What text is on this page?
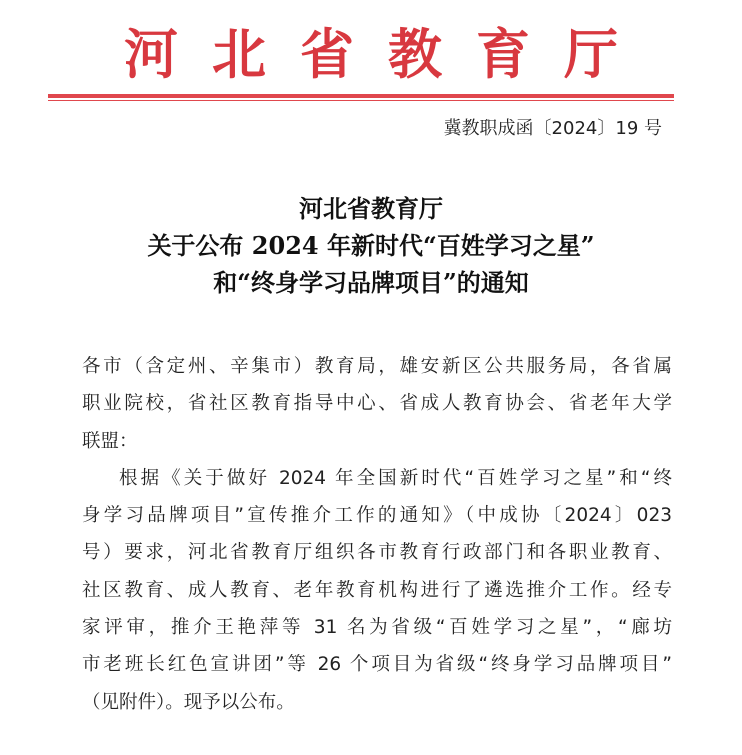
河北省教育厅
冀教职成函〔2024〕19 号
河北省教育厅
关于公布 2024 年新时代“百姓学习之星”
和“终身学习品牌项目”的通知
各市（含定州、辛集市）教育局，雄安新区公共服务局，各省属
职业院校，省社区教育指导中心、省成人教育协会、省老年大学
联盟：
根据《关于做好 2024 年全国新时代“百姓学习之星”和“终
身学习品牌项目”宣传推介工作的通知》（中成协〔2024〕023
号）要求，河北省教育厅组织各市教育行政部门和各职业教育、
社区教育、成人教育、老年教育机构进行了遴选推介工作。经专
家评审，推介王艳萍等 31 名为省级“百姓学习之星”，“廊坊
市老班长红色宣讲团”等 26 个项目为省级“终身学习品牌项目”
（见附件）。现予以公布。
